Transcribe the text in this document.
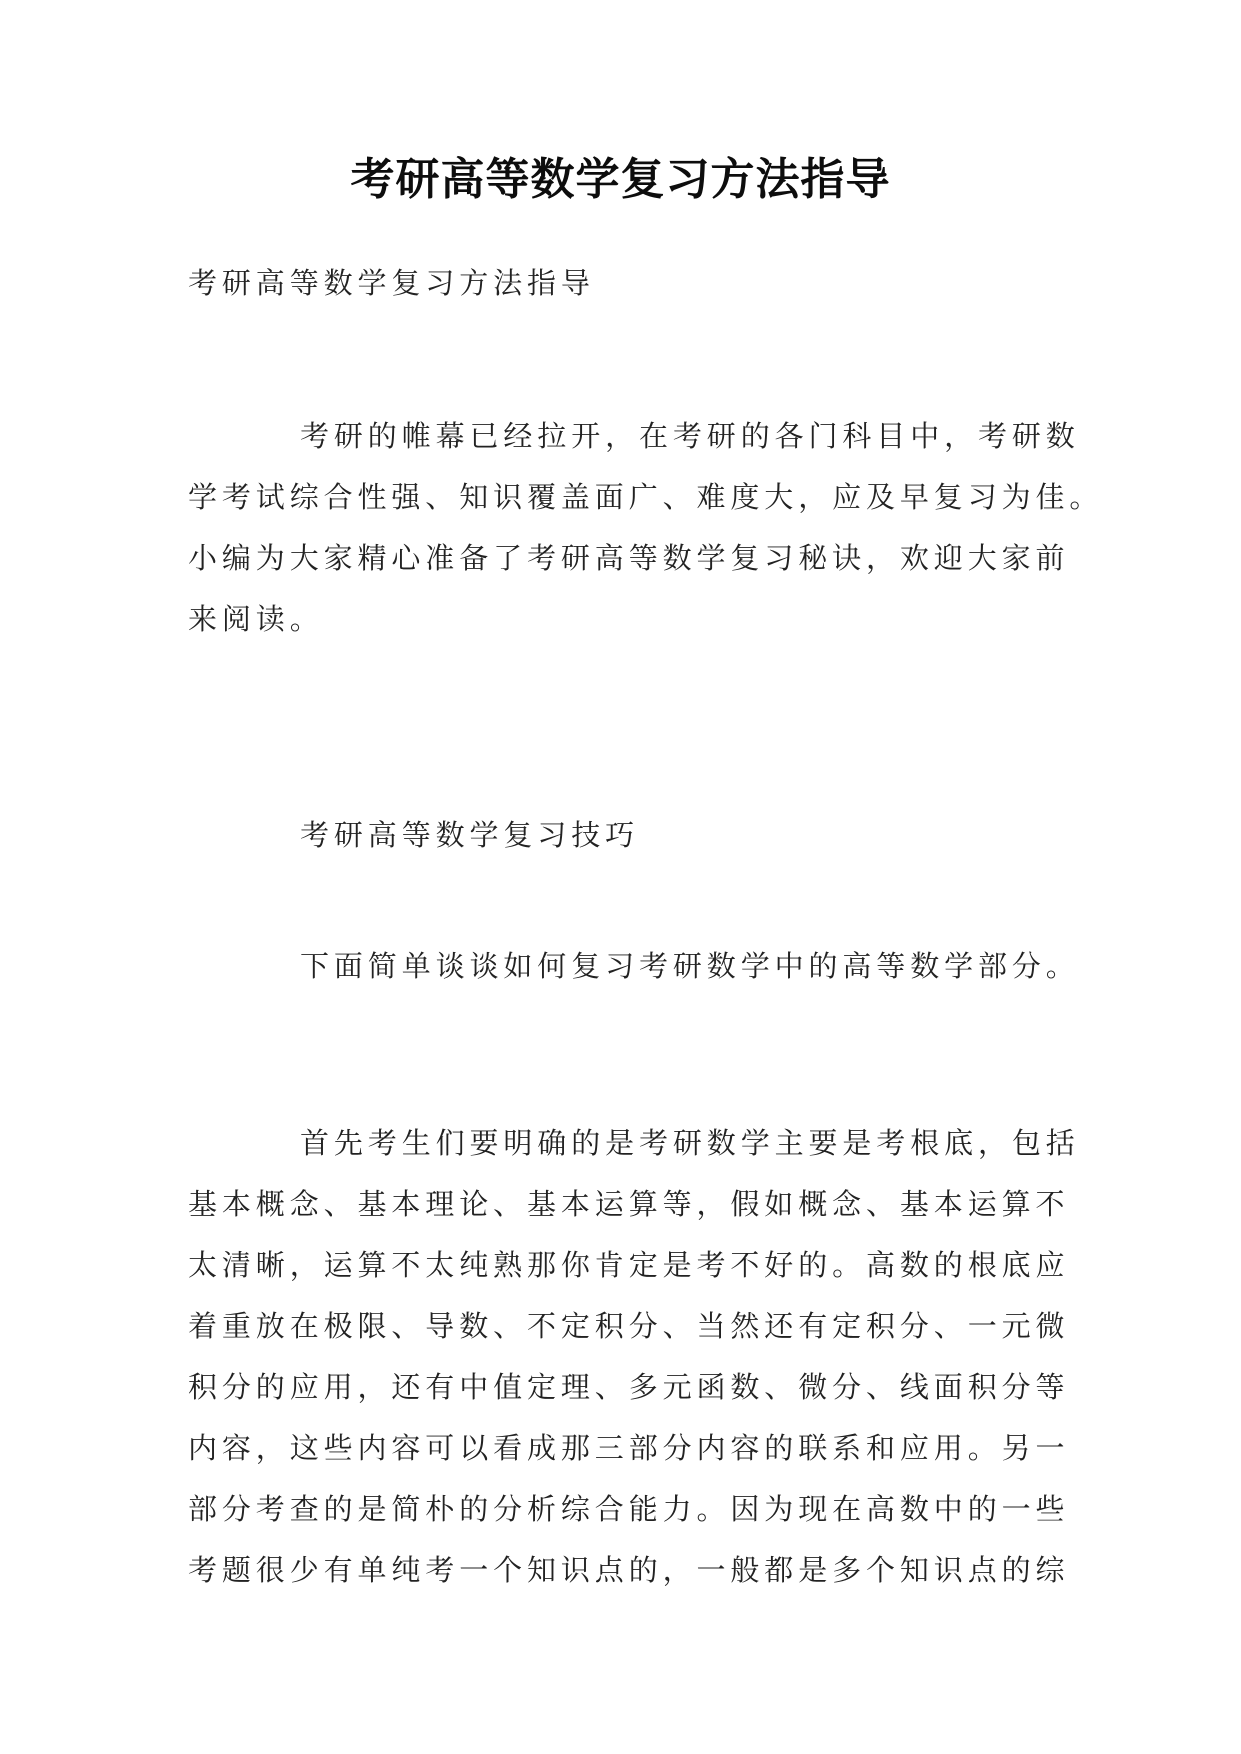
考研高等数学复习方法指导

考研高等数学复习方法指导

考研的帷幕已经拉开，在考研的各门科目中，考研数
学考试综合性强、知识覆盖面广、难度大，应及早复习为佳。
小编为大家精心准备了考研高等数学复习秘诀，欢迎大家前
来阅读。

考研高等数学复习技巧

下面简单谈谈如何复习考研数学中的高等数学部分。

首先考生们要明确的是考研数学主要是考根底，包括
基本概念、基本理论、基本运算等，假如概念、基本运算不
太清晰，运算不太纯熟那你肯定是考不好的。高数的根底应
着重放在极限、导数、不定积分、当然还有定积分、一元微
积分的应用，还有中值定理、多元函数、微分、线面积分等
内容，这些内容可以看成那三部分内容的联系和应用。另一
部分考查的是简朴的分析综合能力。因为现在高数中的一些
考题很少有单纯考一个知识点的，一般都是多个知识点的综
